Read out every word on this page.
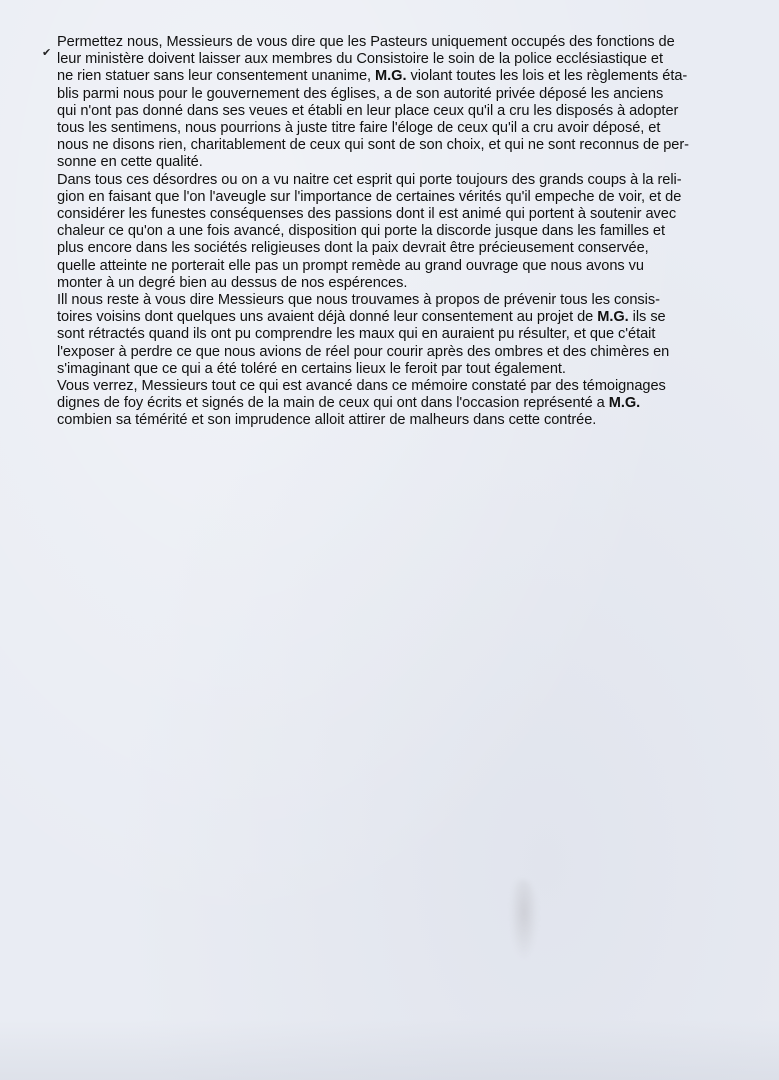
✔
Permettez nous, Messieurs de vous dire que les Pasteurs uniquement occupés des fonctions de
leur ministère doivent laisser aux membres du Consistoire le soin de la police ecclésiastique et
ne rien statuer sans leur consentement unanime, M.G. violant toutes les lois et les règlements éta-
blis parmi nous pour le gouvernement des églises, a de son autorité privée déposé les anciens
qui n'ont pas donné dans ses veues et établi en leur place ceux qu'il a cru les disposés à adopter
tous les sentimens, nous pourrions à juste titre faire l'éloge de ceux qu'il a cru avoir déposé, et
nous ne disons rien, charitablement de ceux qui sont de son choix, et qui ne sont reconnus de per-
sonne en cette qualité.
Dans tous ces désordres ou on a vu naitre cet esprit qui porte toujours des grands coups à la reli-
gion en faisant que l'on l'aveugle sur l'importance de certaines vérités qu'il empeche de voir, et de
considérer les funestes conséquenses des passions dont il est animé qui portent à soutenir avec
chaleur ce qu'on a une fois avancé, disposition qui porte la discorde jusque dans les familles et
plus encore dans les sociétés religieuses dont la paix devrait être précieusement conservée,
quelle atteinte ne porterait elle pas un prompt remède au grand ouvrage que nous avons vu
monter à un degré bien au dessus de nos espérences.
Ill nous reste à vous dire Messieurs que nous trouvames à propos de prévenir tous les consis-
toires voisins dont quelques uns avaient déjà donné leur consentement au projet de M.G. ils se
sont rétractés quand ils ont pu comprendre les maux qui en auraient pu résulter, et que c'était
l'exposer à perdre ce que nous avions de réel pour courir après des ombres et des chimères en
s'imaginant que ce qui a été toléré en certains lieux le feroit par tout également.
Vous verrez, Messieurs tout ce qui est avancé dans ce mémoire constaté par des témoignages
dignes de foy écrits et signés de la main de ceux qui ont dans l'occasion représenté a M.G.
combien sa témérité et son imprudence alloit attirer de malheurs dans cette contrée.
